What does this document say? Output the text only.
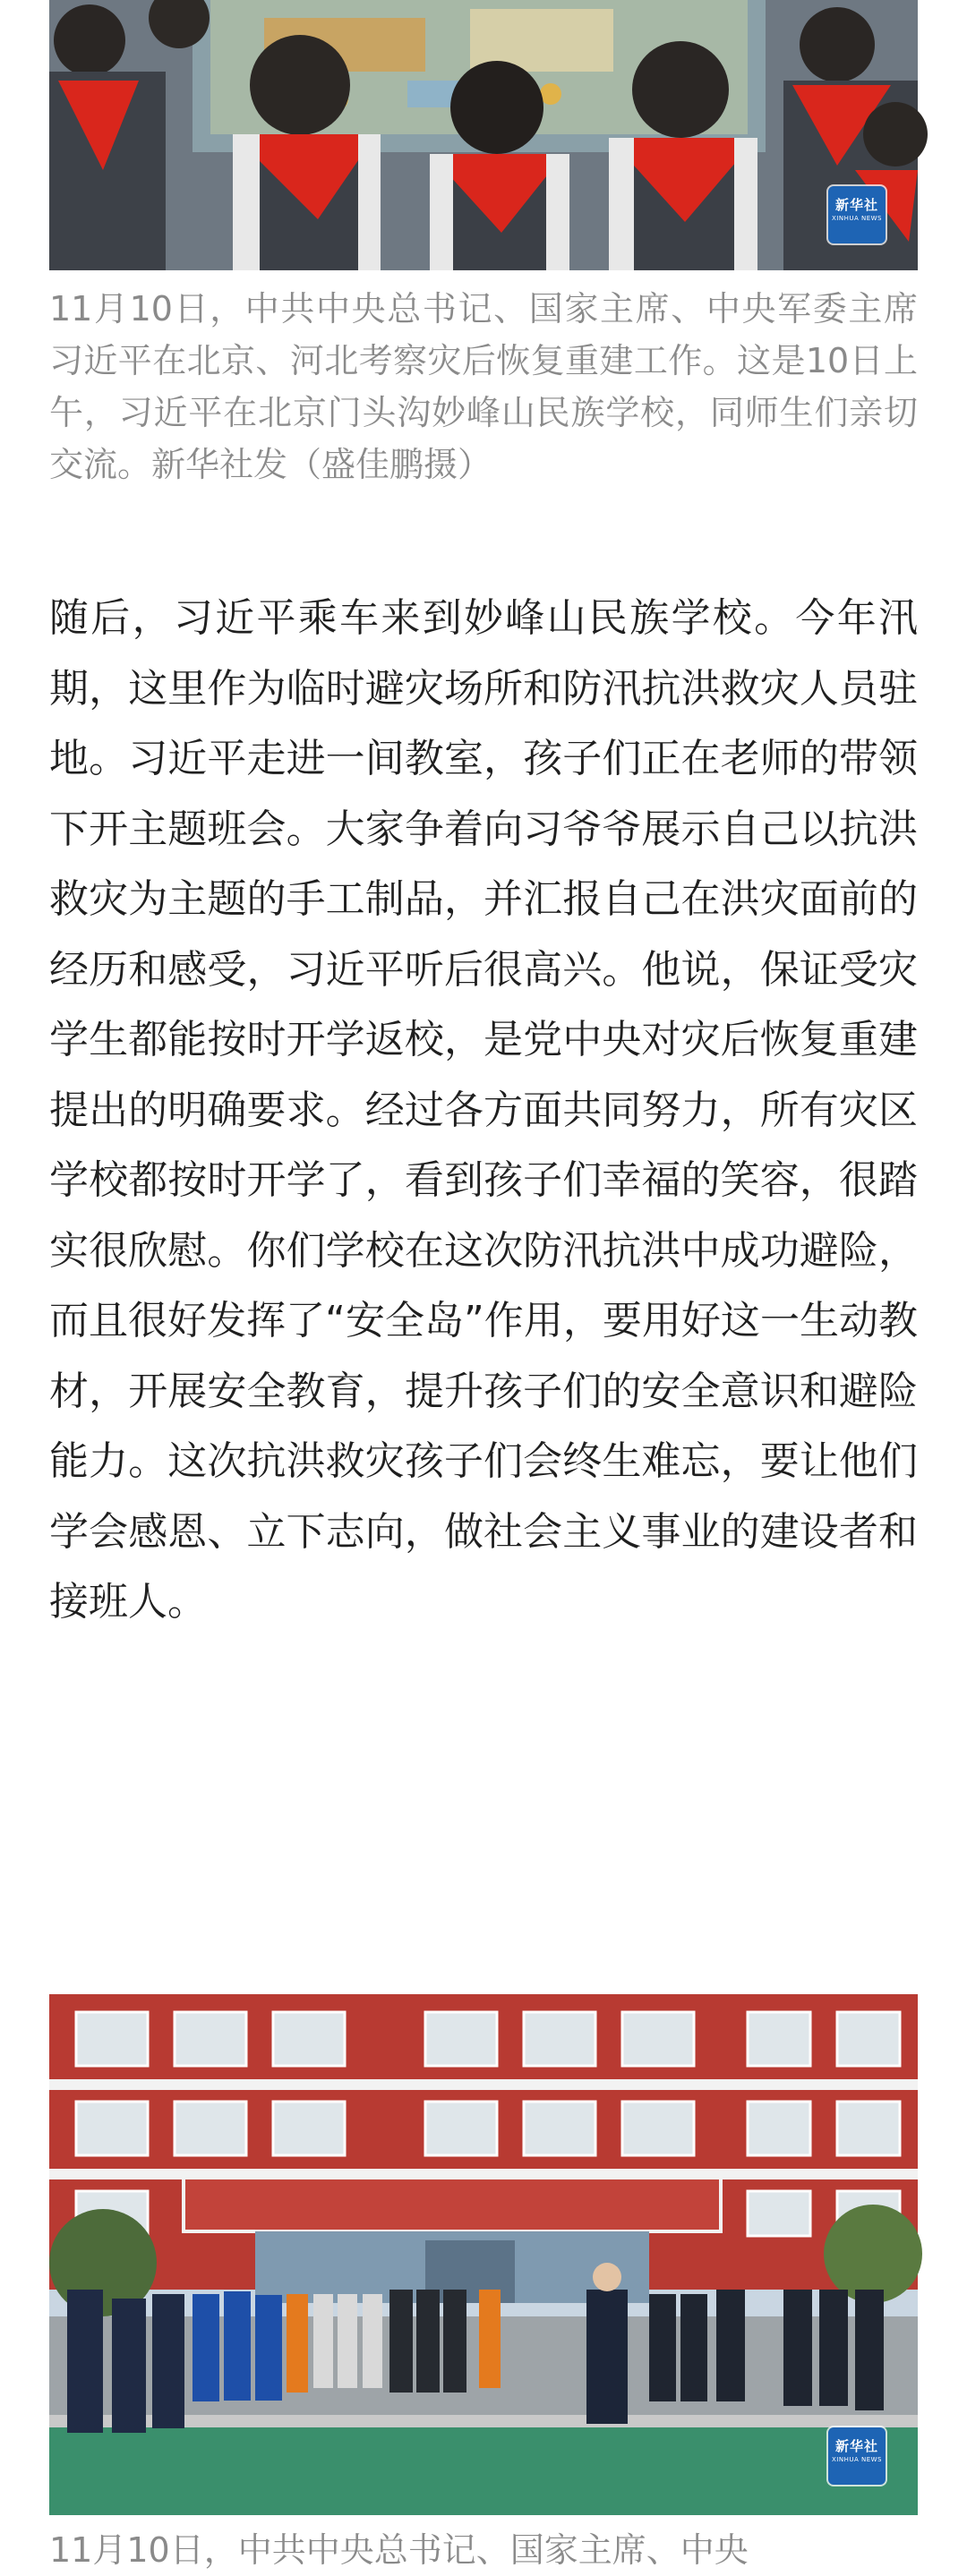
新华社
XINHUA NEWS

11月10日，中共中央总书记、国家主席、中央军委主席习近平在北京、河北考察灾后恢复重建工作。这是10日上午，习近平在北京门头沟妙峰山民族学校，同师生们亲切交流。新华社发（盛佳鹏摄）

随后，习近平乘车来到妙峰山民族学校。今年汛期，这里作为临时避灾场所和防汛抗洪救灾人员驻地。习近平走进一间教室，孩子们正在老师的带领下开主题班会。大家争着向习爷爷展示自己以抗洪救灾为主题的手工制品，并汇报自己在洪灾面前的经历和感受，习近平听后很高兴。他说，保证受灾学生都能按时开学返校，是党中央对灾后恢复重建提出的明确要求。经过各方面共同努力，所有灾区学校都按时开学了，看到孩子们幸福的笑容，很踏实很欣慰。你们学校在这次防汛抗洪中成功避险，而且很好发挥了“安全岛”作用，要用好这一生动教材，开展安全教育，提升孩子们的安全意识和避险能力。这次抗洪救灾孩子们会终生难忘，要让他们学会感恩、立下志向，做社会主义事业的建设者和接班人。

新华社
XINHUA NEWS

11月10日，中共中央总书记、国家主席、中央
